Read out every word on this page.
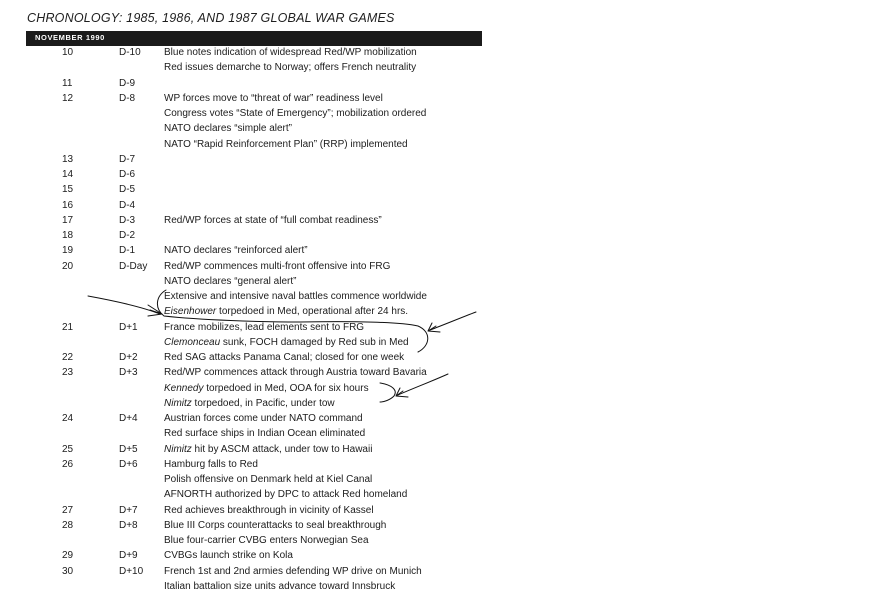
CHRONOLOGY: 1985, 1986, AND 1987 GLOBAL WAR GAMES
NOVEMBER 1990
10	D-10 Blue notes indication of widespread Red/WP mobilization
Red issues demarche to Norway; offers French neutrality
11	D-9
12	D-8	WP forces move to “threat of war” readiness level
Congress votes “State of Emergency”; mobilization ordered
NATO declares “simple alert”
NATO “Rapid Reinforcement Plan” (RRP) implemented
13	D-7
14	D-6
15	D-5
16	D-4
17	D-3	Red/WP forces at state of “full combat readiness”
18	D-2
19	D-1	NATO declares “reinforced alert”
20	D-Day Red/WP commences multi-front offensive into FRG
NATO declares “general alert”
Extensive and intensive naval battles commence worldwide
Eisenhower torpedoed in Med, operational after 24 hrs.
21	D+1	France mobilizes, lead elements sent to FRG
Clemonceau sunk, FOCH damaged by Red sub in Med
22	D+2	Red SAG attacks Panama Canal; closed for one week
23	D+3	Red/WP commences attack through Austria toward Bavaria
Kennedy torpedoed in Med, OOA for six hours
Nimitz torpedoed, in Pacific, under tow
24	D+4	Austrian forces come under NATO command
Red surface ships in Indian Ocean eliminated
25	D+5	Nimitz hit by ASCM attack, under tow to Hawaii
26	D+6	Hamburg falls to Red
Polish offensive on Denmark held at Kiel Canal
AFNORTH authorized by DPC to attack Red homeland
27	D+7	Red achieves breakthrough in vicinity of Kassel
28	D+8	Blue III Corps counterattacks to seal breakthrough
Blue four-carrier CVBG enters Norwegian Sea
29	D+9	CVBGs launch strike on Kola
30	D+10 French 1st and 2nd armies defending WP drive on Munich
Italian battalion size units advance toward Innsbruck
